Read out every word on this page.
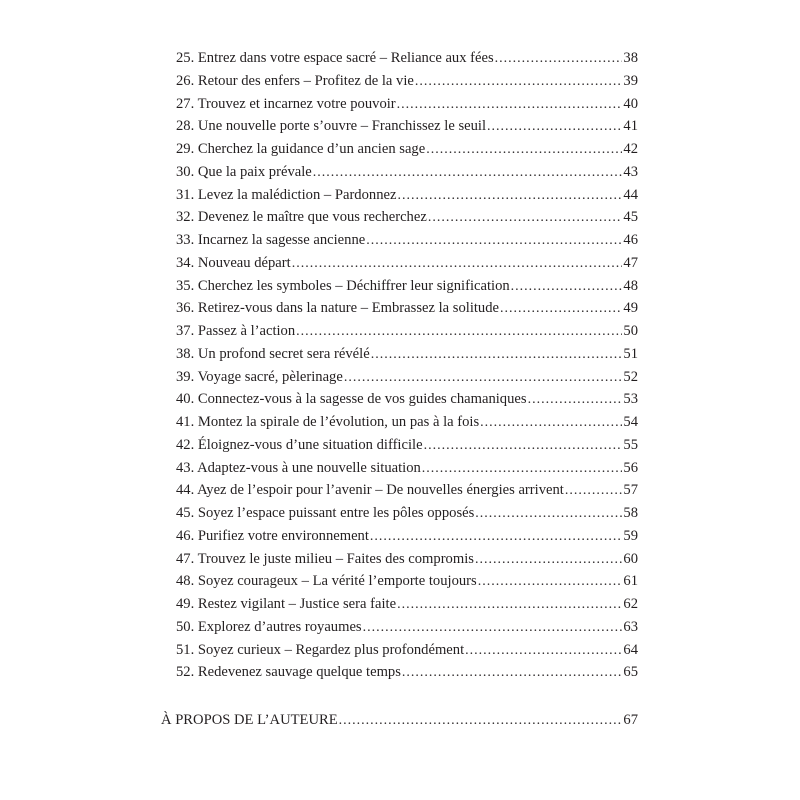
25. Entrez dans votre espace sacré – Reliance aux fées .....	38
26. Retour des enfers – Profitez de la vie .....	39
27. Trouvez et incarnez votre pouvoir .....	40
28. Une nouvelle porte s’ouvre – Franchissez le seuil .....	41
29. Cherchez la guidance d’un ancien sage .....	42
30. Que la paix prévale .....	43
31. Levez la malédiction – Pardonnez .....	44
32. Devenez le maître que vous recherchez .....	45
33. Incarnez la sagesse ancienne .....	46
34. Nouveau départ .....	47
35. Cherchez les symboles – Déchiffrer leur signification .....	48
36. Retirez-vous dans la nature – Embrassez la solitude .....	49
37. Passez à l’action .....	50
38. Un profond secret sera révélé .....	51
39. Voyage sacré, pèlerinage .....	52
40. Connectez-vous à la sagesse de vos guides chamaniques .....	53
41. Montez la spirale de l’évolution, un pas à la fois .....	54
42. Éloignez-vous d’une situation difficile .....	55
43. Adaptez-vous à une nouvelle situation .....	56
44. Ayez de l’espoir pour l’avenir – De nouvelles énergies arrivent .....	57
45. Soyez l’espace puissant entre les pôles opposés .....	58
46. Purifiez votre environnement .....	59
47. Trouvez le juste milieu – Faites des compromis .....	60
48. Soyez courageux – La vérité l’emporte toujours .....	61
49. Restez vigilant – Justice sera faite .....	62
50. Explorez d’autres royaumes .....	63
51. Soyez curieux – Regardez plus profondément .....	64
52. Redevenez sauvage quelque temps .....	65
À PROPOS DE L’AUTEURE .....	67
